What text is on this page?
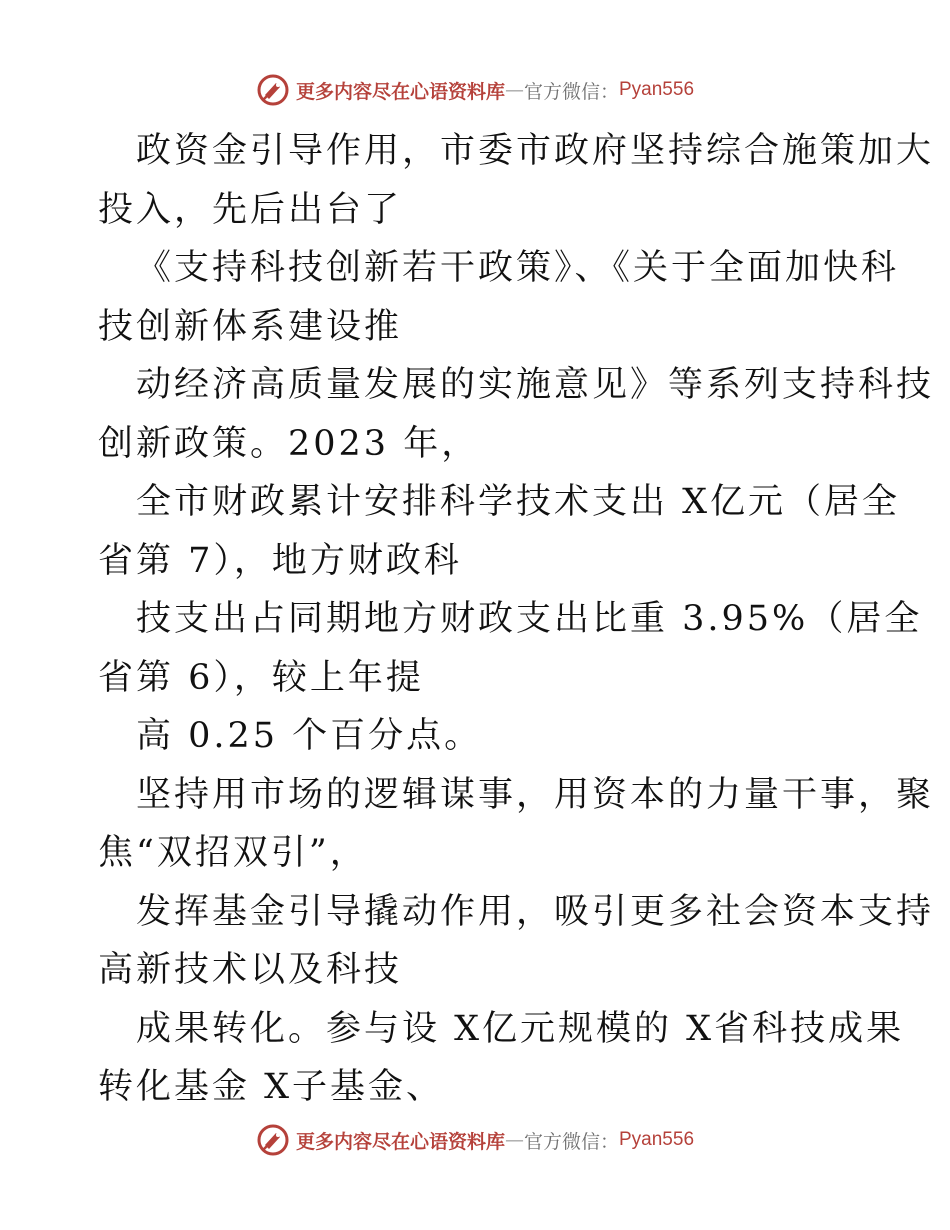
更多内容尽在心语资料库 — 官方微信： Pyan556

政资金引导作用，市委市政府坚持综合施策加大

投入，先后出台了

《支持科技创新若干政策》、《关于全面加快科

技创新体系建设推

动经济高质量发展的实施意见》等系列支持科技

创新政策。2023 年，

全市财政累计安排科学技术支出 X亿元（居全

省第 7），地方财政科

技支出占同期地方财政支出比重 3.95%（居全

省第 6），较上年提

高 0.25 个百分点。

坚持用市场的逻辑谋事，用资本的力量干事，聚

焦“双招双引”，

发挥基金引导撬动作用，吸引更多社会资本支持

高新技术以及科技

成果转化。参与设 X亿元规模的 X省科技成果

转化基金 X子基金、

更多内容尽在心语资料库 — 官方微信： Pyan556
